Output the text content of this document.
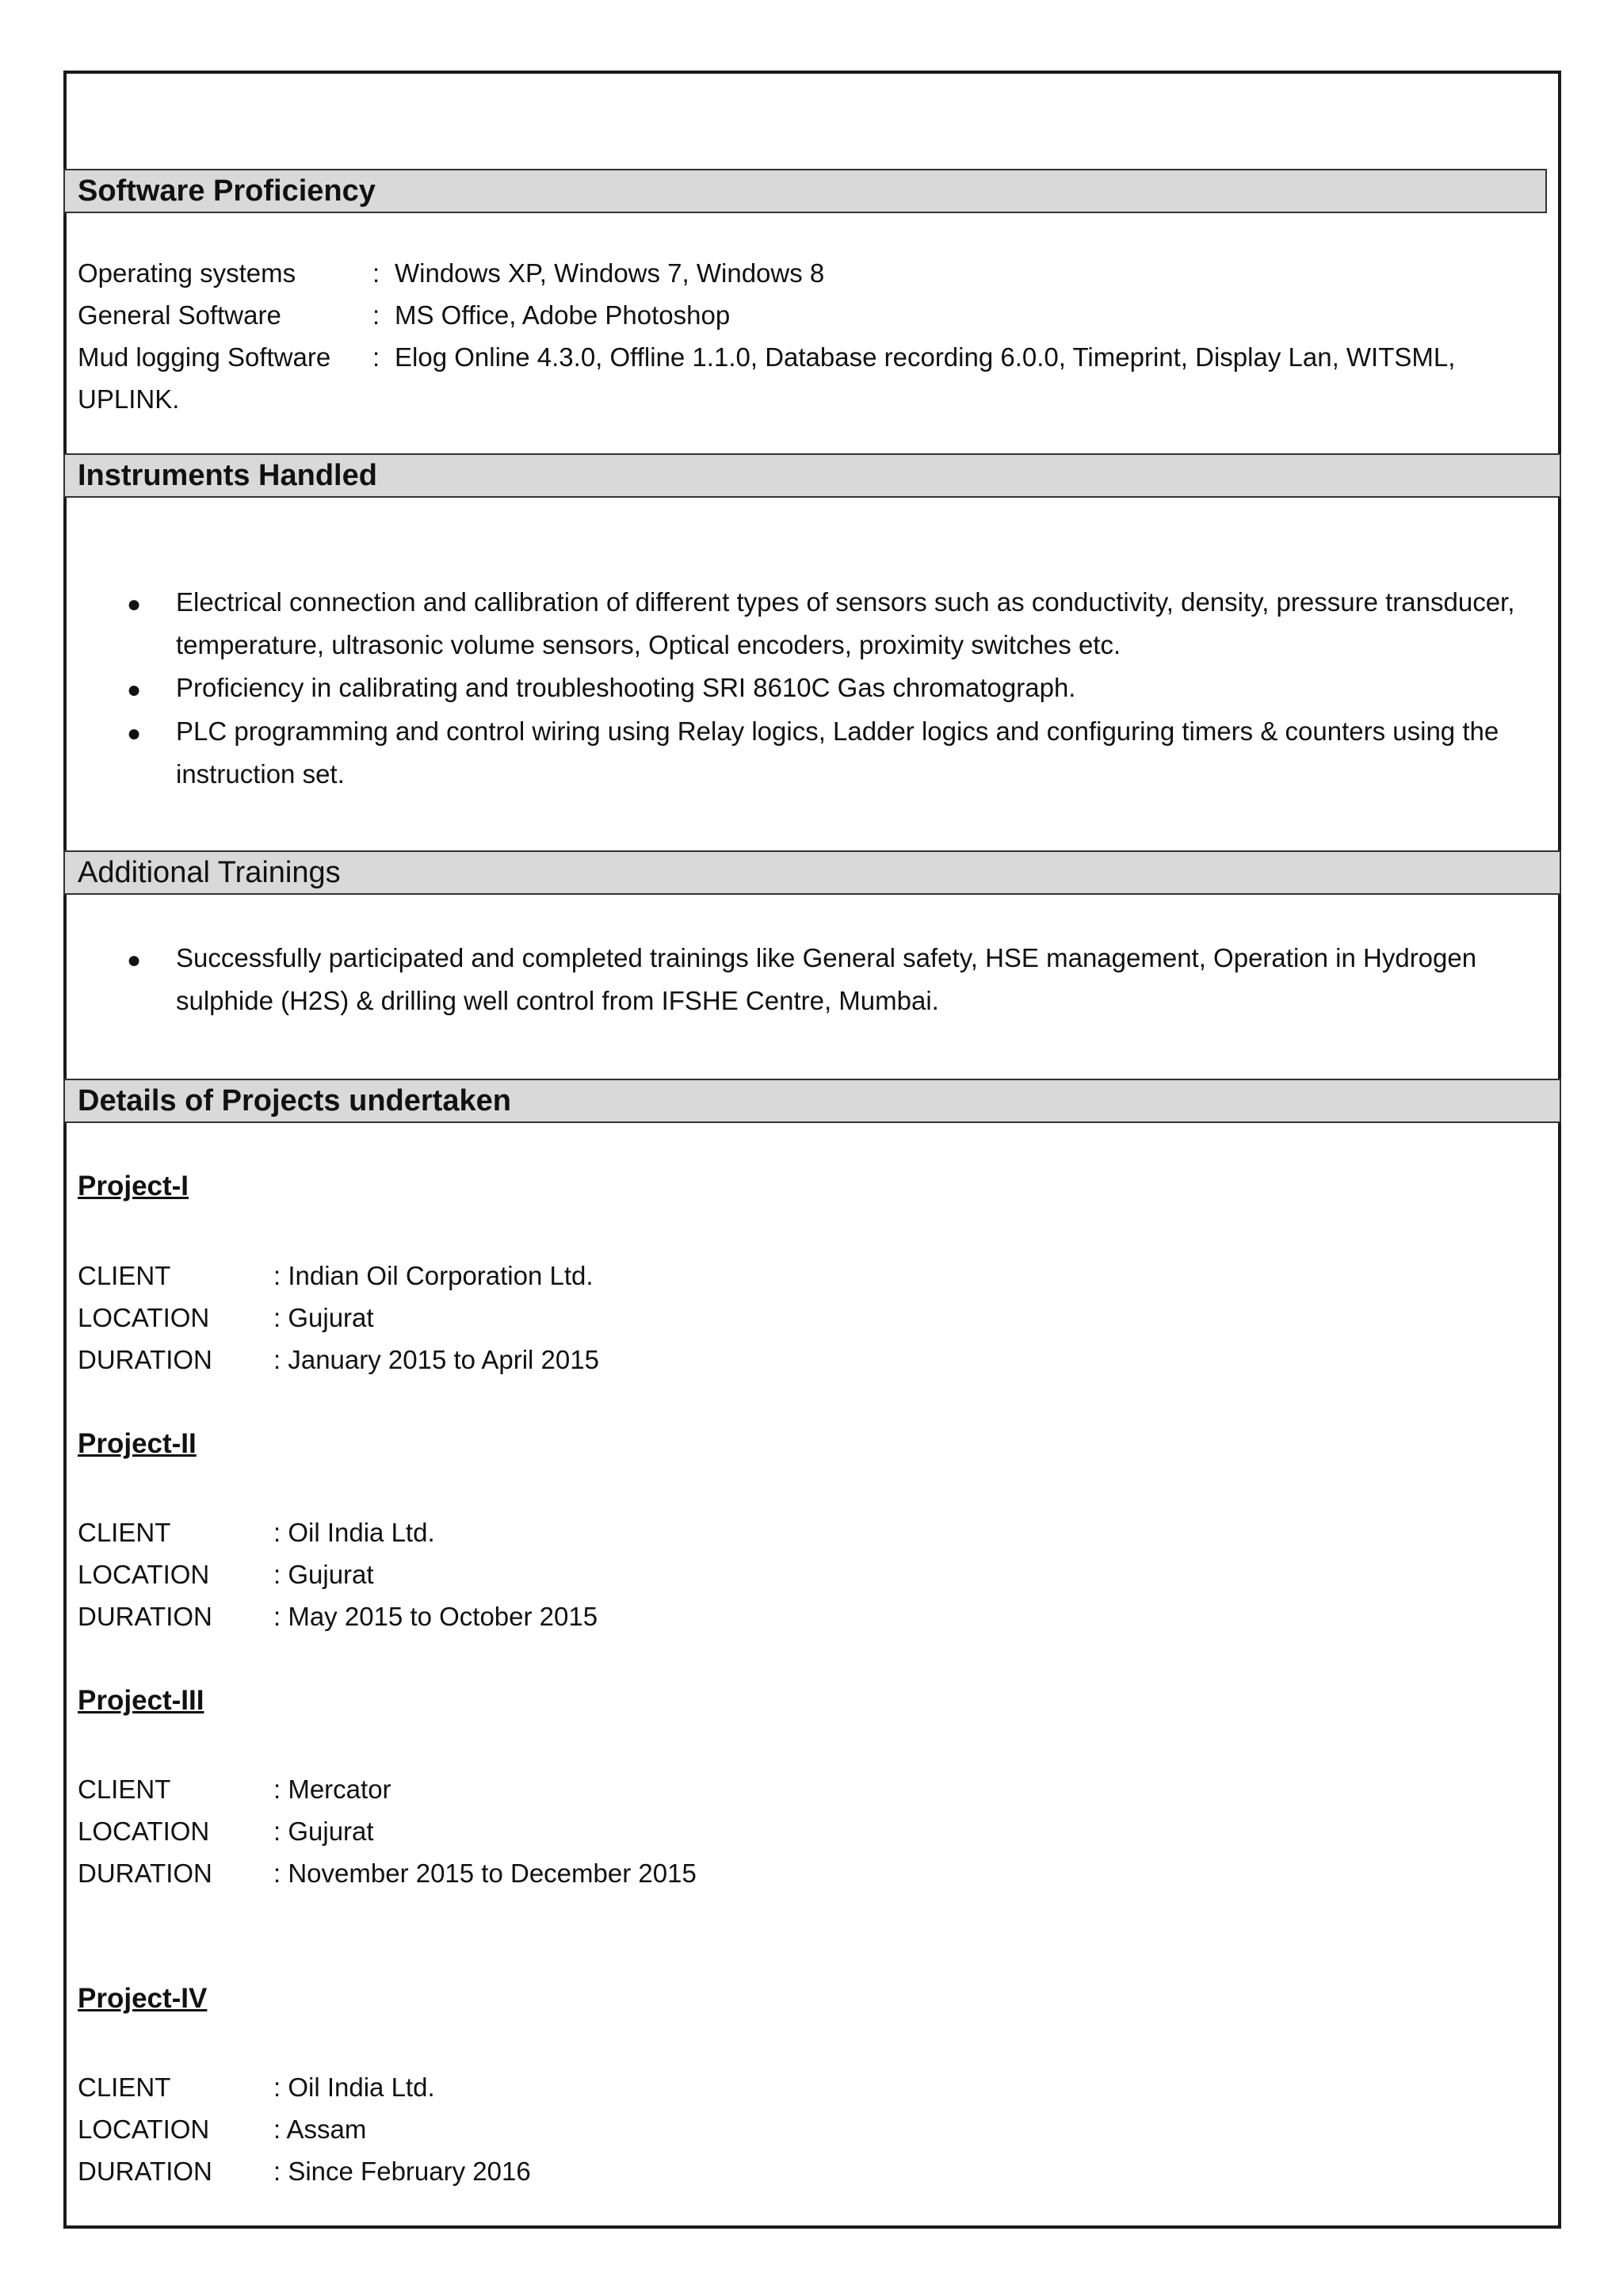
Software Proficiency
Operating systems	: Windows XP, Windows 7, Windows 8
General Software	: MS Office, Adobe Photoshop
Mud logging Software : Elog Online 4.3.0, Offline 1.1.0, Database recording 6.0.0, Timeprint, Display Lan, WITSML,
UPLINK.
Instruments Handled
● Electrical connection and callibration of different types of sensors such as conductivity, density, pressure transducer, temperature, ultrasonic volume sensors, Optical encoders, proximity switches etc.
● Proficiency in calibrating and troubleshooting SRI 8610C Gas chromatograph.
● PLC programming and control wiring using Relay logics, Ladder logics and configuring timers & counters using the instruction set.
Additional Trainings
● Successfully participated and completed trainings like General safety, HSE management, Operation in Hydrogen sulphide (H2S) & drilling well control from IFSHE Centre, Mumbai.
Details of Projects undertaken
Project-I
CLIENT	: Indian Oil Corporation Ltd.
LOCATION : Gujurat
DURATION : January 2015 to April 2015
Project-II
CLIENT	: Oil India Ltd.
LOCATION : Gujurat
DURATION : May 2015 to October 2015
Project-III
CLIENT	: Mercator
LOCATION : Gujurat
DURATION : November 2015 to December 2015
Project-IV
CLIENT	: Oil India Ltd.
LOCATION : Assam
DURATION : Since February 2016
